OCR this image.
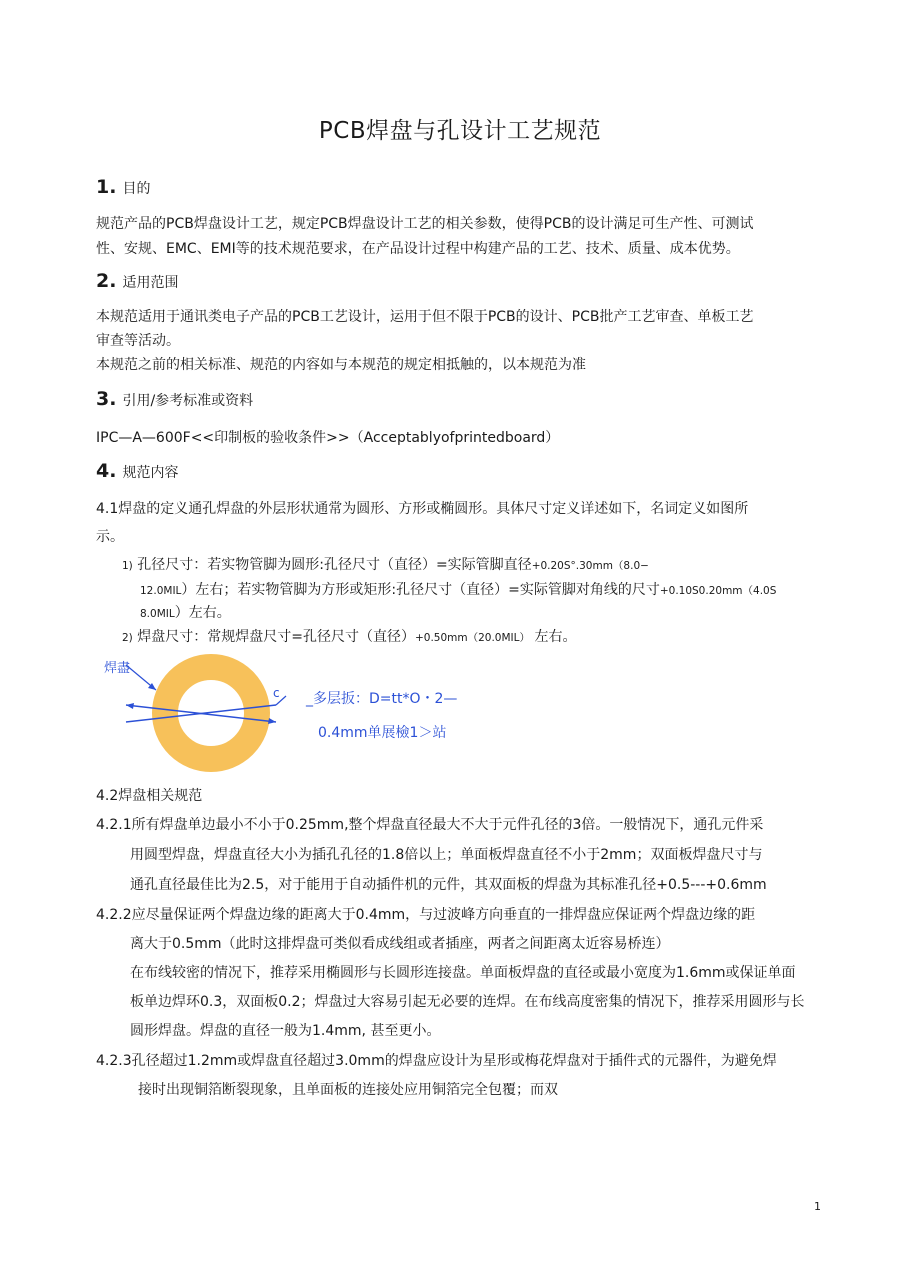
PCB焊盘与孔设计工艺规范
1. 目的
规范产品的PCB焊盘设计工艺，规定PCB焊盘设计工艺的相关参数，使得PCB的设计满足可生产性、可测试
性、安规、EMC、EMI等的技术规范要求，在产品设计过程中构建产品的工艺、技术、质量、成本优势。
2. 适用范围
本规范适用于通讯类电子产品的PCB工艺设计，运用于但不限于PCB的设计、PCB批产工艺审查、单板工艺
审查等活动。
本规范之前的相关标准、规范的内容如与本规范的规定相抵触的，以本规范为准
3. 引用/参考标准或资料
IPC—A—600F<<印制板的验收条件>>（Acceptablyofprintedboard）
4. 规范内容
4.1焊盘的定义通孔焊盘的外层形状通常为圆形、方形或椭圆形。具体尺寸定义详述如下，名词定义如图所
示。
1) 孔径尺寸：若实物管脚为圆形:孔径尺寸（直径）=实际管脚直径+0.20S°.30mm（8.0−
12.0MIL）左右；若实物管脚为方形或矩形:孔径尺寸（直径）=实际管脚对角线的尺寸+0.10S0.20mm（4.0S
8.0MIL）左右。
2) 焊盘尺寸：常规焊盘尺寸=孔径尺寸（直径）+0.50mm（20.0MIL） 左右。
焊盡
c _多层扳：D=tt*O・2—
0.4mm单展檢1＞站
4.2焊盘相关规范
4.2.1所有焊盘单边最小不小于0.25mm,整个焊盘直径最大不大于元件孔径的3倍。一般情况下，通孔元件采
用圆型焊盘，焊盘直径大小为插孔孔径的1.8倍以上；单面板焊盘直径不小于2mm；双面板焊盘尺寸与
通孔直径最佳比为2.5，对于能用于自动插件机的元件，其双面板的焊盘为其标准孔径+0.5---+0.6mm
4.2.2应尽量保证两个焊盘边缘的距离大于0.4mm，与过波峰方向垂直的一排焊盘应保证两个焊盘边缘的距
离大于0.5mm（此时这排焊盘可类似看成线组或者插座，两者之间距离太近容易桥连）
在布线较密的情况下，推荐采用椭圆形与长圆形连接盘。单面板焊盘的直径或最小宽度为1.6mm或保证单面
板单边焊环0.3，双面板0.2；焊盘过大容易引起无必要的连焊。在布线高度密集的情况下，推荐采用圆形与长
圆形焊盘。焊盘的直径一般为1.4mm, 甚至更小。
4.2.3孔径超过1.2mm或焊盘直径超过3.0mm的焊盘应设计为星形或梅花焊盘对于插件式的元器件，为避免焊
接时出现铜箔断裂现象，且单面板的连接处应用铜箔完全包覆；而双
1
